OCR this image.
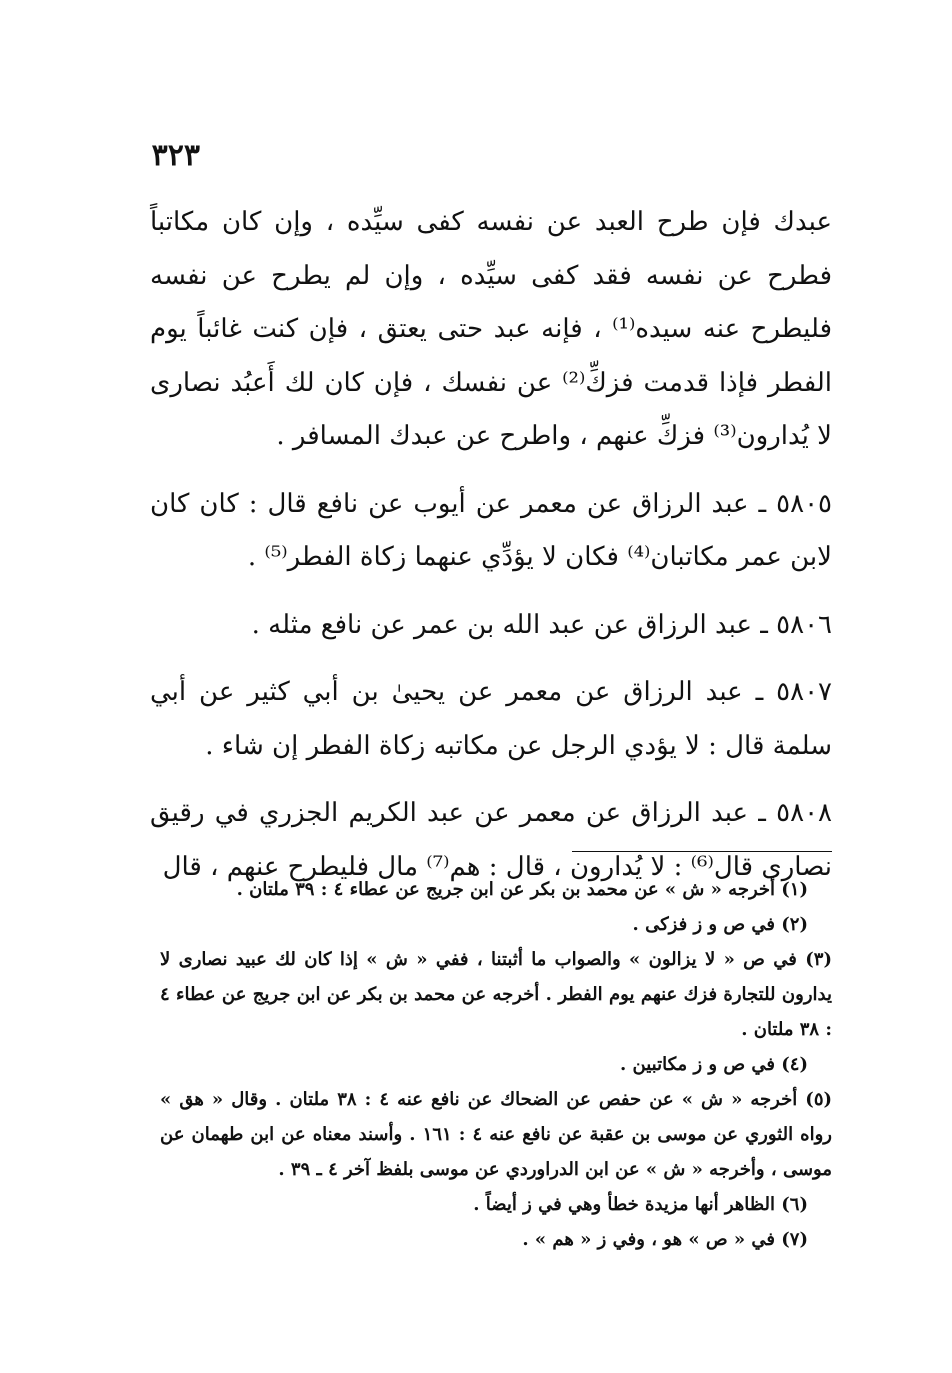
٣٢٣

عبدك فإن طرح العبد عن نفسه كفى سيِّده ، وإن كان مكاتباً فطرح عن نفسه فقد كفى سيِّده ، وإن لم يطرح عن نفسه فليطرح عنه سيده⁽¹⁾ ، فإنه عبد حتى يعتق ، فإن كنت غائباً يوم الفطر فإذا قدمت فزكِّ⁽²⁾ عن نفسك ، فإن كان لك أَعبُد نصارى لا يُدارون⁽³⁾ فزكِّ عنهم ، واطرح عن عبدك المسافر .

٥٨٠٥ ـ عبد الرزاق عن معمر عن أيوب عن نافع قال : كان كان لابن عمر مكاتبان⁽⁴⁾ فكان لا يؤدِّي عنهما زكاة الفطر⁽⁵⁾ .

٥٨٠٦ ـ عبد الرزاق عن عبد الله بن عمر عن نافع مثله .

٥٨٠٧ ـ عبد الرزاق عن معمر عن يحيىٰ بن أبي كثير عن أبي سلمة قال : لا يؤدي الرجل عن مكاتبه زكاة الفطر إن شاء .

٥٨٠٨ ـ عبد الرزاق عن معمر عن عبد الكريم الجزري في رقيق نصارى قال⁽⁶⁾ : لا يُدارون ، قال : هم⁽⁷⁾ مال فليطرح عنهم ، قال

(١) أخرجه « ش » عن محمد بن بكر عن ابن جريج عن عطاء ٤ : ٣٩ ملتان .

(٢) في ص و ز فزكى .

(٣) في ص « لا يزالون » والصواب ما أثبتنا ، ففي « ش » إذا كان لك عبيد نصارى لا يدارون للتجارة فزك عنهم يوم الفطر . أخرجه عن محمد بن بكر عن ابن جريج عن عطاء ٤ : ٣٨ ملتان .

(٤) في ص و ز مكاتبين .

(٥) أخرجه « ش » عن حفص عن الضحاك عن نافع عنه ٤ : ٣٨ ملتان . وقال « هق » رواه الثوري عن موسى بن عقبة عن نافع عنه ٤ : ١٦١ . وأسند معناه عن ابن طهمان عن موسى ، وأخرجه « ش » عن ابن الدراوردي عن موسى بلفظ آخر ٤ ـ ٣٩ .

(٦) الظاهر أنها مزيدة خطأ وهي في ز أيضاً .

(٧) في « ص » هو ، وفي ز « هم » .
